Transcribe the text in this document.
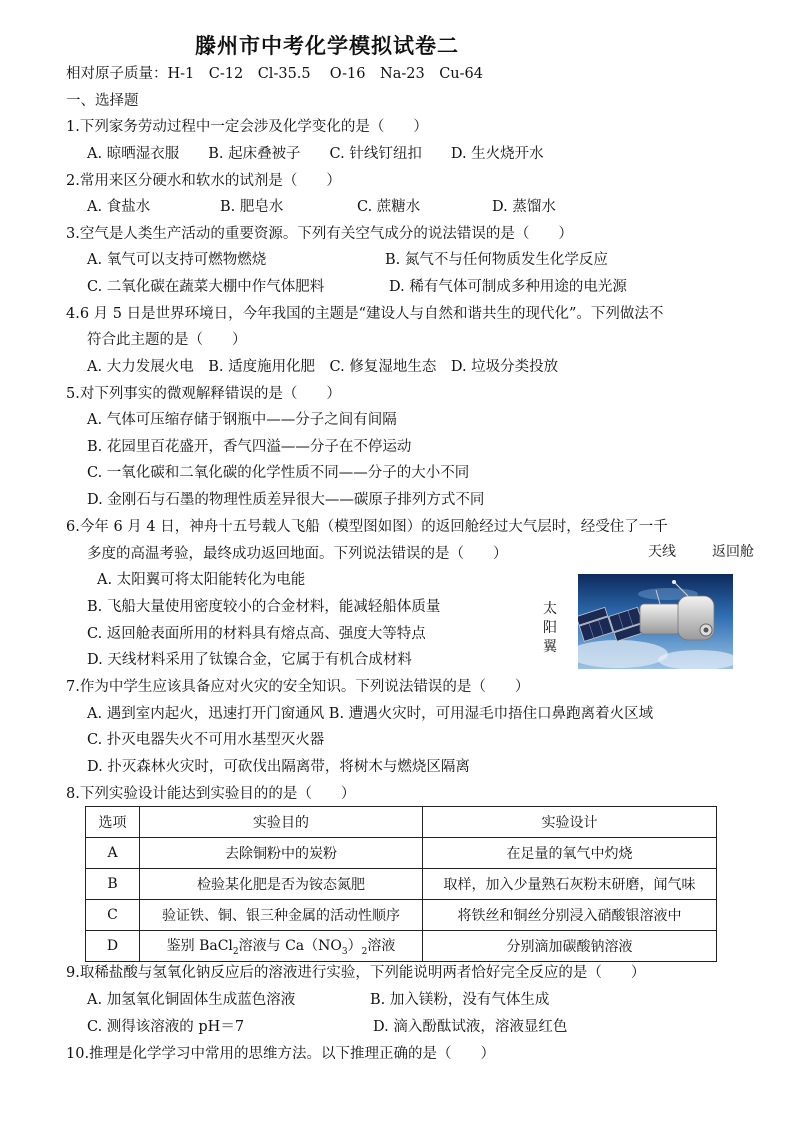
滕州市中考化学模拟试卷二
相对原子质量：H-1　C-12　Cl-35.5　 O-16　Na-23　Cu-64
一、选择题
1.下列家务劳动过程中一定会涉及化学变化的是（　　）
A. 晾晒湿衣服　　B. 起床叠被子　　C. 针线钉纽扣　　D. 生火烧开水
2.常用来区分硬水和软水的试剂是（　　）
A. 食盐水	B. 肥皂水	C. 蔗糖水	D. 蒸馏水
3.空气是人类生产活动的重要资源。下列有关空气成分的说法错误的是（　　）
A. 氧气可以支持可燃物燃烧	B. 氮气不与任何物质发生化学反应
C. 二氧化碳在蔬菜大棚中作气体肥料	D. 稀有气体可制成多种用途的电光源
4.6 月 5 日是世界环境日，今年我国的主题是“建设人与自然和谐共生的现代化”。下列做法不
符合此主题的是（　　）
A. 大力发展火电　B. 适度施用化肥　C. 修复湿地生态　D. 垃圾分类投放
5.对下列事实的微观解释错误的是（　　）
A. 气体可压缩存储于钢瓶中——分子之间有间隔
B. 花园里百花盛开，香气四溢——分子在不停运动
C. 一氧化碳和二氧化碳的化学性质不同——分子的大小不同
D. 金刚石与石墨的物理性质差异很大——碳原子排列方式不同
6.今年 6 月 4 日，神舟十五号载人飞船（模型图如图）的返回舱经过大气层时，经受住了一千
多度的高温考验，最终成功返回地面。下列说法错误的是（　　）
A. 太阳翼可将太阳能转化为电能
B. 飞船大量使用密度较小的合金材料，能减轻船体质量
C. 返回舱表面所用的材料具有熔点高、强度大等特点
D. 天线材料采用了钛镍合金，它属于有机合成材料
天线	返回舱
太阳翼
7.作为中学生应该具备应对火灾的安全知识。下列说法错误的是（　　）
A. 遇到室内起火，迅速打开门窗通风 B. 遭遇火灾时，可用湿毛巾捂住口鼻跑离着火区域
C. 扑灭电器失火不可用水基型灭火器
D. 扑灭森林火灾时，可砍伐出隔离带，将树木与燃烧区隔离
8.下列实验设计能达到实验目的的是（　　）
选项	实验目的	实验设计
A	去除铜粉中的炭粉	在足量的氧气中灼烧
B	检验某化肥是否为铵态氮肥	取样，加入少量熟石灰粉末研磨，闻气味
C	验证铁、铜、银三种金属的活动性顺序	将铁丝和铜丝分别浸入硝酸银溶液中
D	鉴别 BaCl$_2$溶液与 $Ca(NO_3)_2$溶液	分别滴加碳酸钠溶液
9.取稀盐酸与氢氧化钠反应后的溶液进行实验，下列能说明两者恰好完全反应的是（　　）
A. 加氢氧化铜固体生成蓝色溶液	B. 加入镁粉，没有气体生成
C. 测得该溶液的 pH＝7	D. 滴入酚酞试液，溶液显红色
10.推理是化学学习中常用的思维方法。以下推理正确的是（　　）
